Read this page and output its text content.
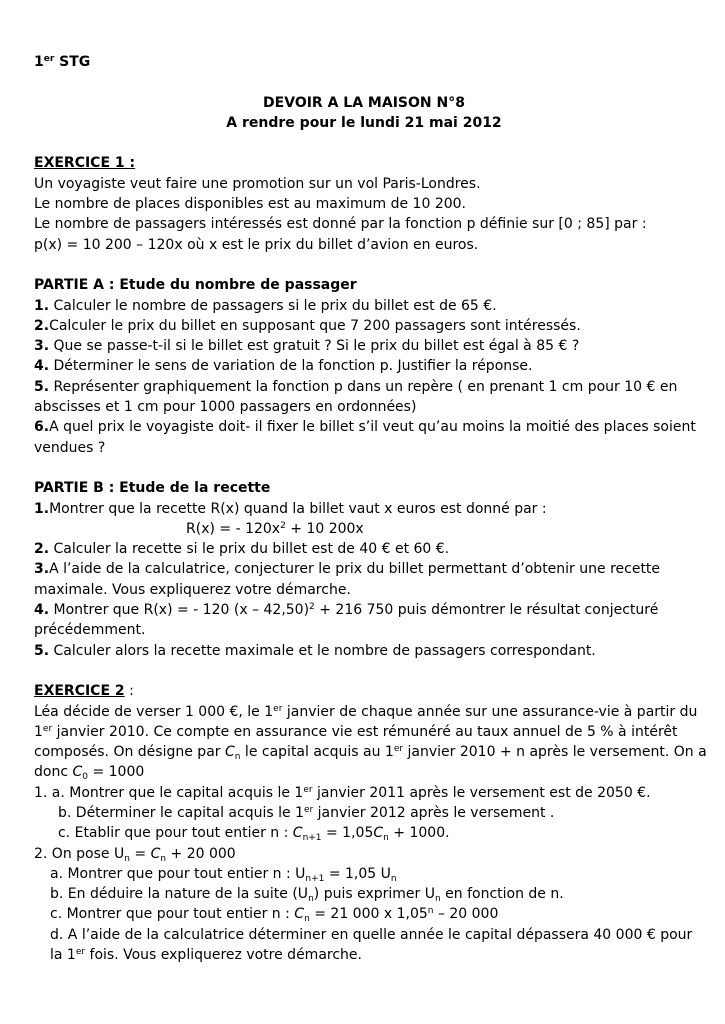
1er STG
DEVOIR A LA MAISON N°8
A rendre pour le lundi 21 mai 2012
EXERCICE 1 :
Un voyagiste veut faire une promotion sur un vol Paris-Londres.
Le nombre de places disponibles est au maximum de 10 200.
Le nombre de passagers intéressés est donné par la fonction p définie sur [0 ; 85] par :
p(x) = 10 200 – 120x où x est le prix du billet d’avion en euros.
PARTIE A : Etude du nombre de passager
1. Calculer le nombre de passagers si le prix du billet est de 65 €.
2.Calculer le prix du billet en supposant que 7 200 passagers sont intéressés.
3. Que se passe-t-il si le billet est gratuit ? Si le prix du billet est égal à 85 € ?
4. Déterminer le sens de variation de la fonction p. Justifier la réponse.
5. Représenter graphiquement la fonction p dans un repère ( en prenant 1 cm pour 10 € en
abscisses et 1 cm pour 1000 passagers en ordonnées)
6.A quel prix le voyagiste doit- il fixer le billet s’il veut qu’au moins la moitié des places soient
vendues ?
PARTIE B : Etude de la recette
1.Montrer que la recette R(x) quand la billet vaut x euros est donné par :
R(x) = - $120x^2 + 10$ 200x
2. Calculer la recette si le prix du billet est de 40 € et 60 €.
3.A l’aide de la calculatrice, conjecturer le prix du billet permettant d’obtenir une recette
maximale. Vous expliquerez votre démarche.
4. Montrer que R(x) = - 120 (x – 42,50)$^2$ + 216 750 puis démontrer le résultat conjecturé
précédemment.
5. Calculer alors la recette maximale et le nombre de passagers correspondant.
EXERCICE 2 :
Léa décide de verser 1 000 €, le 1er janvier de chaque année sur une assurance-vie à partir du
1er janvier 2010. Ce compte en assurance vie est rémunéré au taux annuel de 5 % à intérêt
composés. On désigne par $C_n$ le capital acquis au 1er janvier 2010 + n après le versement. On a
donc $C_0 = 1000$
1. a. Montrer que le capital acquis le 1er janvier 2011 après le versement est de 2050 €.
b. Déterminer le capital acquis le 1er janvier 2012 après le versement .
c. Etablir que pour tout entier n : $C_{n+1} = 1,05C_n + 1000$.
2. On pose $U_n = C_n + 20$ 000
a. Montrer que pour tout entier n : $U_{n+1} = 1,05$ $U_n$
b. En déduire la nature de la suite $(U_n)$ puis exprimer $U_n$ en fonction de n.
c. Montrer que pour tout entier n : $C_n = 21$ 000 x 1,05$^n$ – 20 000
d. A l’aide de la calculatrice déterminer en quelle année le capital dépassera 40 000 € pour
la 1er fois. Vous expliquerez votre démarche.
